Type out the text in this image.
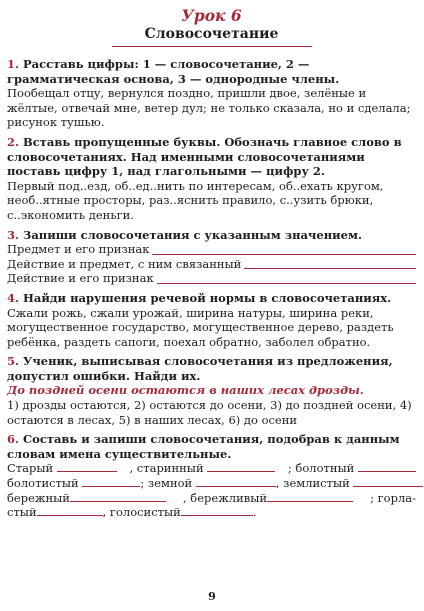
Урок 6
Словосочетание
1. Расставь цифры: 1 — словосочетание, 2 — грамматическая основа, 3 — однородные члены.
Пообещал отцу, вернулся поздно, пришли двое, зелёные и жёлтые, отвечай мне, ветер дул; не только сказала, но и сделала; рисунок тушью.
2. Вставь пропущенные буквы. Обозначь главное слово в словосочетаниях. Над именными словосочетаниями поставь цифру 1, над глагольными — цифру 2.
Первый под..езд, об..ед..нить по интересам, об..ехать кругом, необ..ятные просторы, раз..яснить правило, с..узить брюки, с..экономить деньги.
3. Запиши словосочетания с указанным значением.
Предмет и его признак
Действие и предмет, с ним связанный
Действие и его признак
4. Найди нарушения речевой нормы в словосочетаниях.
Сжали рожь, сжали урожай, ширина натуры, ширина реки, могущественное государство, могущественное дерево, раздеть ребёнка, раздеть сапоги, поехал обратно, заболел обратно.
5. Ученик, выписывая словосочетания из предложения, допустил ошибки. Найди их.
До поздней осени остаются в наших лесах дрозды.
1) дрозды остаются, 2) остаются до осени, 3) до поздней осени, 4) остаются в лесах, 5) в наших лесах, 6) до осени
6. Составь и запиши словосочетания, подобрав к данным словам имена существительные.
Старый	, старинный	; болотный
болотистый	; земной	, землистый
бережный	, бережливый	; горла-
стый	, голосистый	.
9
